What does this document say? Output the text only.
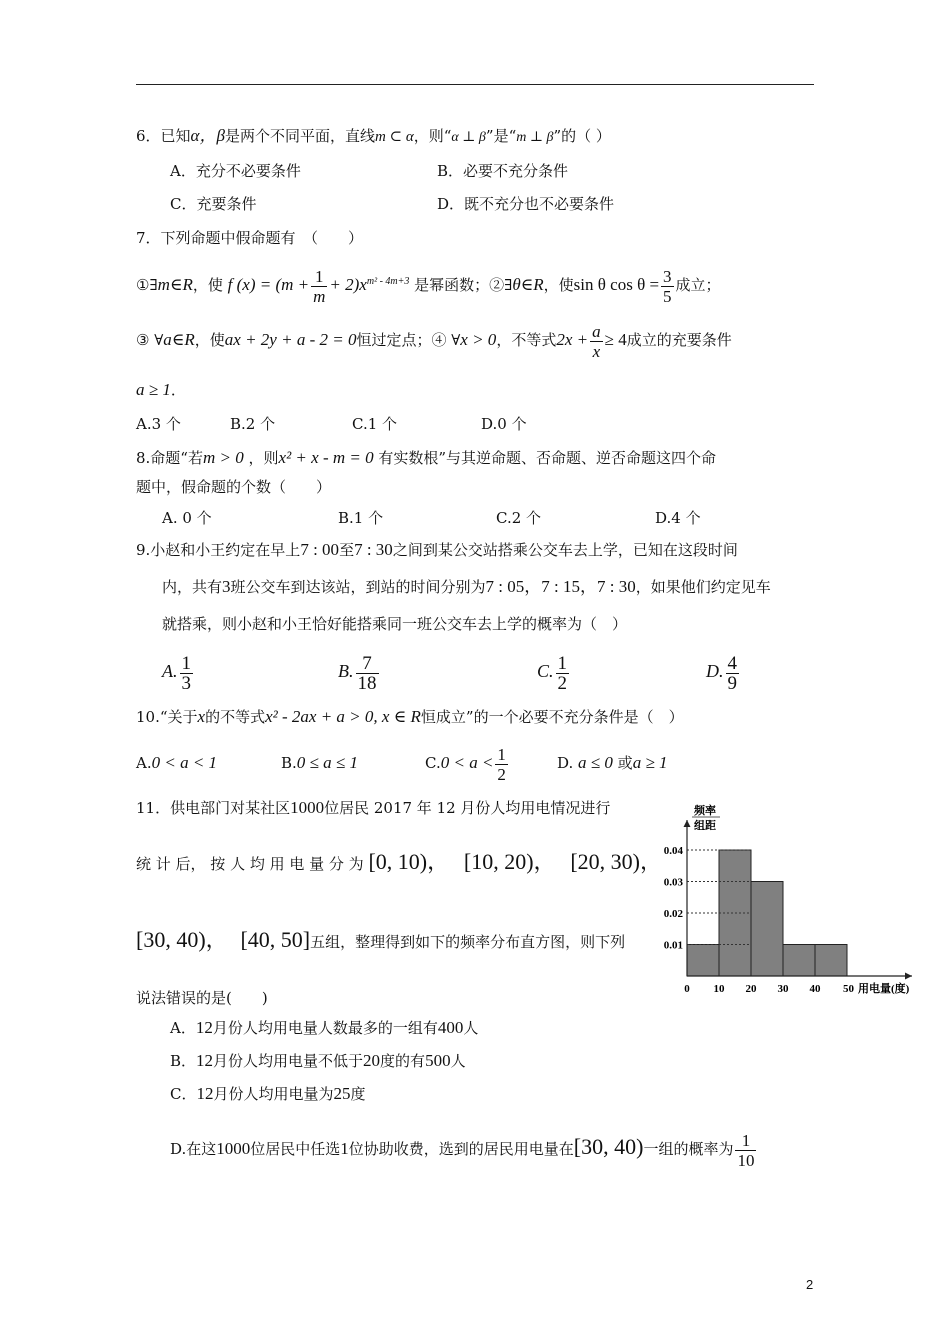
6．已知α，β是两个不同平面，直线m ⊂ α，则“α ⊥ β”是“m ⊥ β”的（ ）
A．充分不必要条件	B．必要不充分条件
C．充要条件	D．既不充分也不必要条件
7．下列命题中假命题有　（　　）
①∃m∈R，使 f $(x) = (m + \frac{1}{m} + 2)x^{m^2 - 4m+3}$ 是幂函数；②∃θ∈R，使sin θ $\cos \theta = \frac{3}{5}$ 成立；
③ ∀a∈R，使ax + 2y + a - 2 = 0恒过定点；④ ∀x > 0，不等式$2x + \frac{a}{x} \ge 4$成立的充要条件
a ≥ 1．
A.3 个	B.2 个	C.1 个	D.0 个
8.命题“若m > 0 ，则x² + x - m = 0 有实数根”与其逆命题、否命题、逆否命题这四个命
题中，假命题的个数（　　）
A. 0 个	B.1 个	C.2 个	D.4 个
9.小赵和小王约定在早上7 : 00至7 : 30之间到某公交站搭乘公交车去上学，已知在这段时间
内，共有3班公交车到达该站，到站的时间分别为7 : 05，7 : 15，7 : 30，如果他们约定见车
就搭乘，则小赵和小王恰好能搭乘同一班公交车去上学的概率为（　）
A. $\frac{1}{3}$	B. $\frac{7}{18}$	C. $\frac{1}{2}$	D. $\frac{4}{9}$
10.“关于x的不等式x² - 2ax + a > 0, x ∈ R恒成立”的一个必要不充分条件是（　）
A.0 < a < 1	B.0 ≤ a ≤ 1	$C.0 < a < \frac{1}{2}$	D. a ≤ 0 或a ≥ 1
11．供电部门对某社区1000位居民 2017 年 12 月份人均用电情况进行
统 计 后， 按 人 均 用 电 量 分 为 [0, 10)， [10, 20)， [20, 30)，
[30, 40)， [40, 50]五组，整理得到如下的频率分布直方图，则下列
说法错误的是(　　)
A．12月份人均用电量人数最多的一组有400人
B．12月份人均用电量不低于20度的有500人
C．12月份人均用电量为25度
D.在这1000位居民中任选1位协助收费，选到的居民用电量在[30, 40)一组的概率为 $\frac{1}{10}$
频率
组距
0.01
0.02
0.03
0.04
0 10 20 30 40 50 用电量(度)
2
